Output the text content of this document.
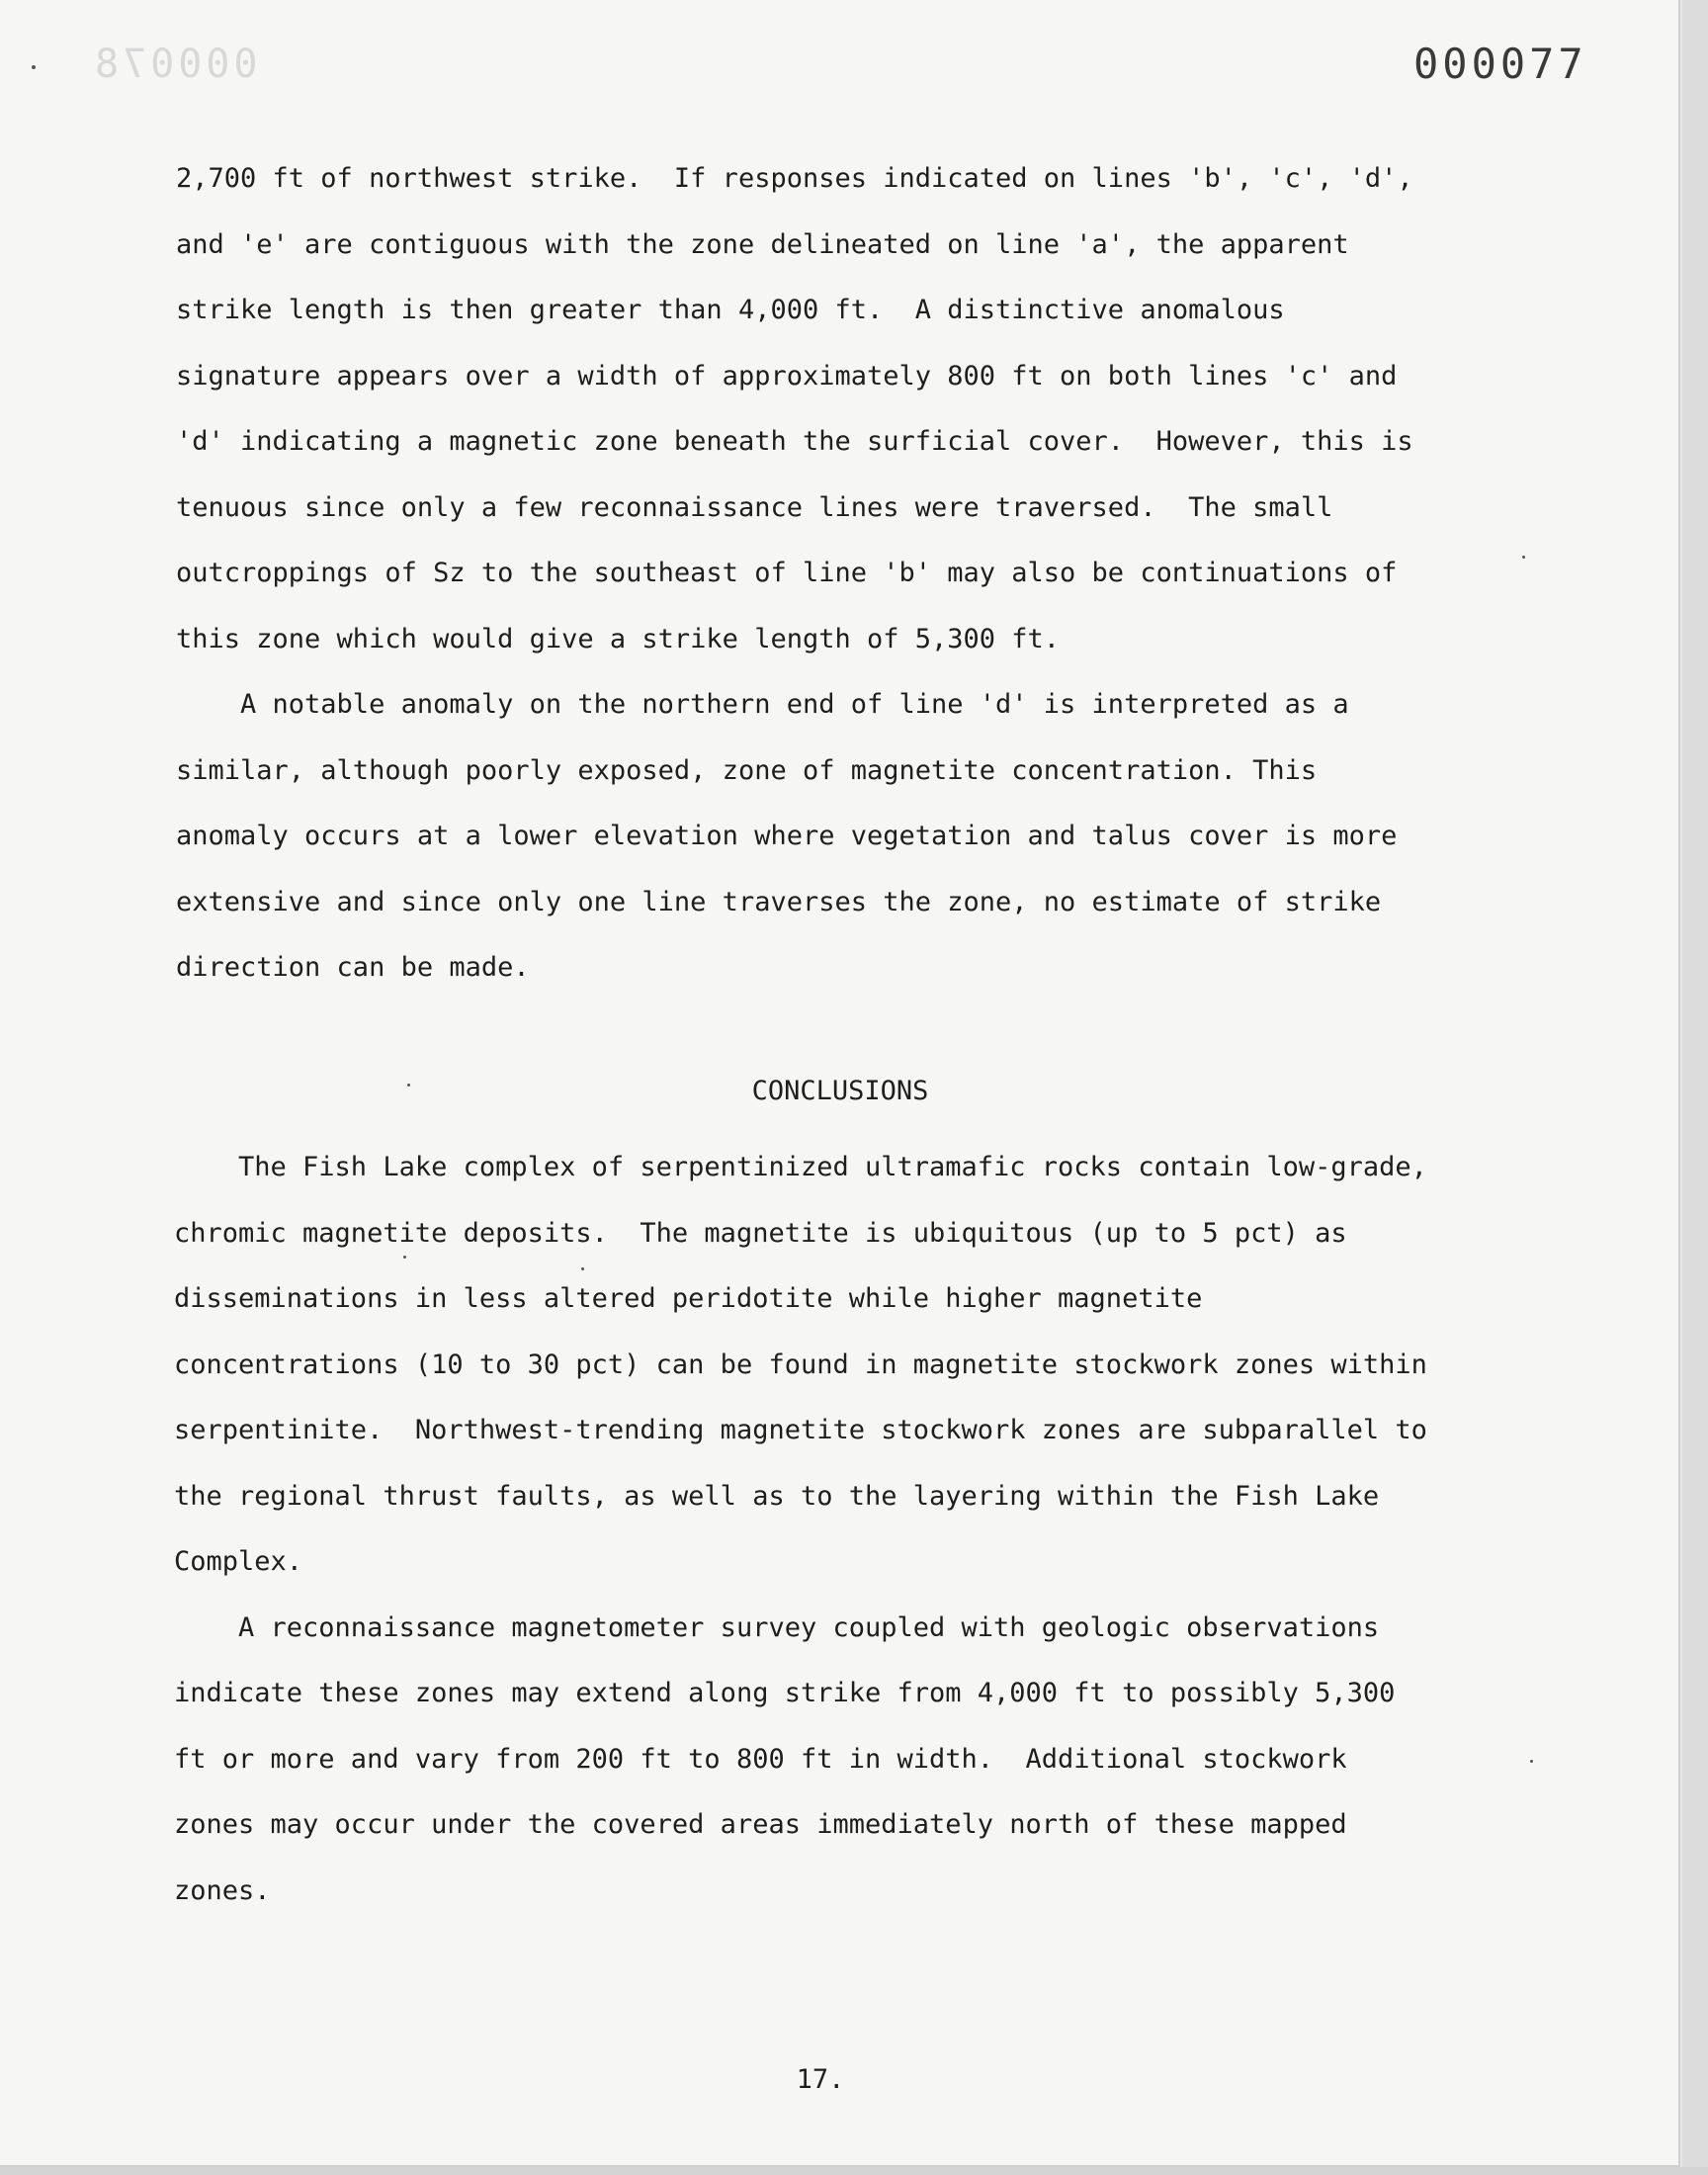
000078	000077
2,700 ft of northwest strike.  If responses indicated on lines 'b', 'c', 'd',
and 'e' are contiguous with the zone delineated on line 'a', the apparent
strike length is then greater than 4,000 ft.  A distinctive anomalous
signature appears over a width of approximately 800 ft on both lines 'c' and
'd' indicating a magnetic zone beneath the surficial cover.  However, this is
tenuous since only a few reconnaissance lines were traversed.  The small
outcroppings of Sz to the southeast of line 'b' may also be continuations of
this zone which would give a strike length of 5,300 ft.
A notable anomaly on the northern end of line 'd' is interpreted as a
similar, although poorly exposed, zone of magnetite concentration. This
anomaly occurs at a lower elevation where vegetation and talus cover is more
extensive and since only one line traverses the zone, no estimate of strike
direction can be made.
CONCLUSIONS
The Fish Lake complex of serpentinized ultramafic rocks contain low-grade,
chromic magnetite deposits.  The magnetite is ubiquitous (up to 5 pct) as
disseminations in less altered peridotite while higher magnetite
concentrations (10 to 30 pct) can be found in magnetite stockwork zones within
serpentinite.  Northwest-trending magnetite stockwork zones are subparallel to
the regional thrust faults, as well as to the layering within the Fish Lake
Complex.
A reconnaissance magnetometer survey coupled with geologic observations
indicate these zones may extend along strike from 4,000 ft to possibly 5,300
ft or more and vary from 200 ft to 800 ft in width.  Additional stockwork
zones may occur under the covered areas immediately north of these mapped
zones.
17.
